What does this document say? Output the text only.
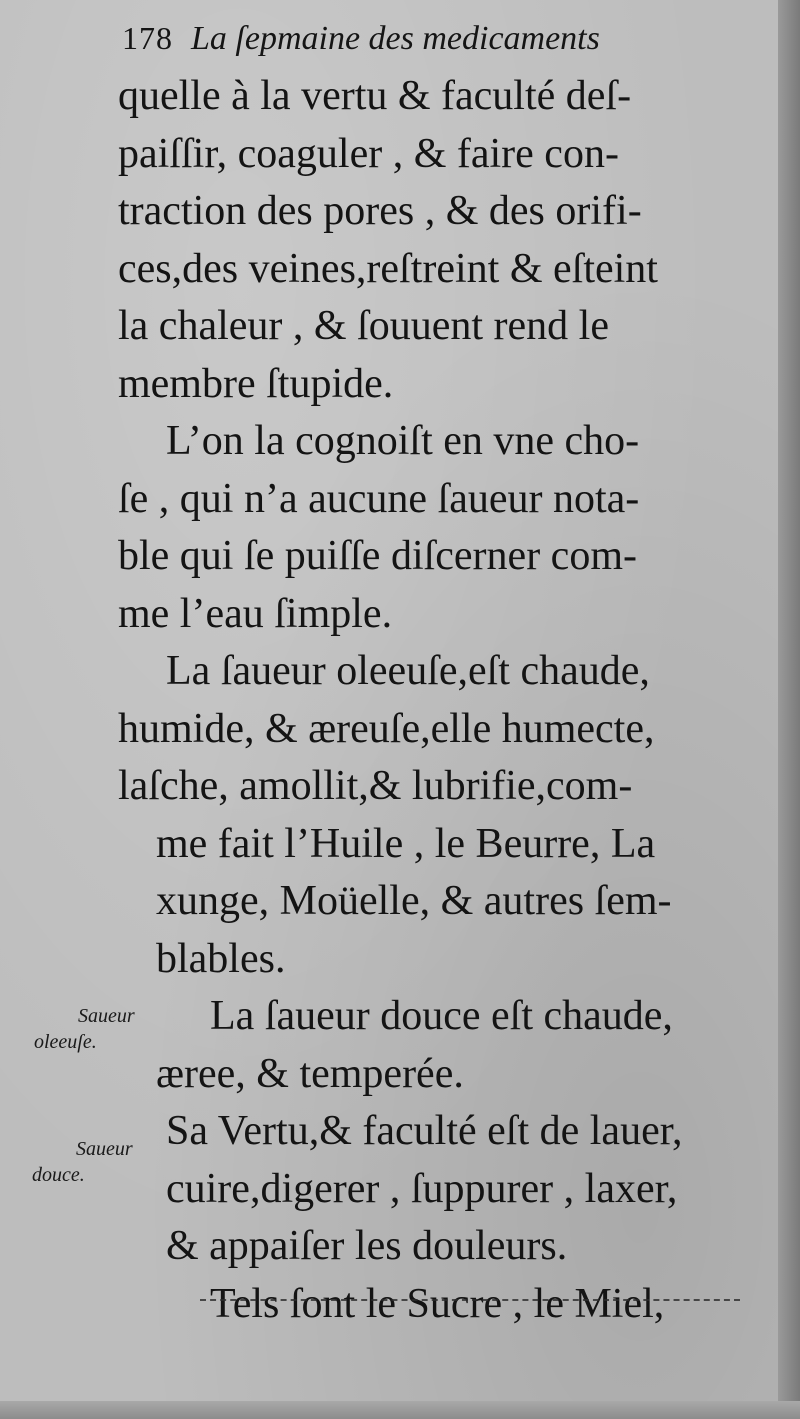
178 La ſepmaine des medicaments
quelle à la vertu & faculté deſ-
paiſſir, coaguler , & faire con-
traction des pores , & des orifi-
ces,des veines,reſtreint & eſteint
la chaleur , & ſouuent rend le
membre ſtupide.
L’on la cognoiſt en vne cho-
ſe , qui n’a aucune ſaueur nota-
ble qui ſe puiſſe diſcerner com-
me l’eau ſimple.
La ſaueur oleeuſe,eſt chaude,
humide, & æreuſe,elle humecte,
laſche, amollit,& lubrifie,com-
me fait l’Huile , le Beurre, La
xunge, Moüelle, & autres ſem-
blables.
La ſaueur douce eſt chaude,
æree, & temperée.
Sa Vertu,& faculté eſt de lauer,
cuire,digerer , ſuppurer , laxer,
& appaiſer les douleurs.
Tels ſont le Sucre , le Miel,
Saueur
oleeuſe.
Saueur
douce.
